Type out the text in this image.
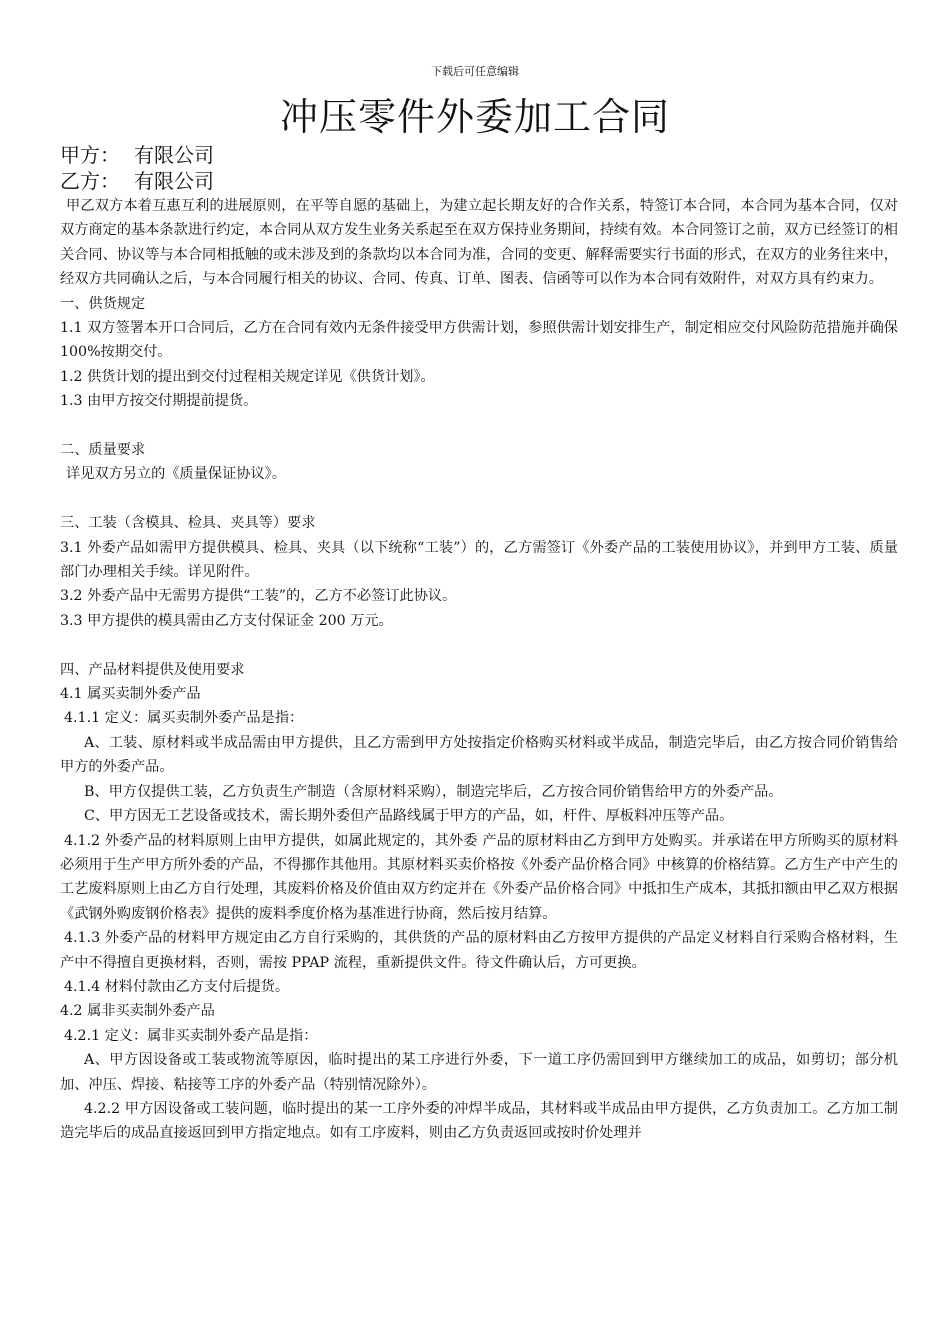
下载后可任意编辑
冲压零件外委加工合同
甲方： 有限公司
乙方： 有限公司

甲乙双方本着互惠互利的进展原则，在平等自愿的基础上，为建立起长期友好的合作关系，特签订本合同，本合同为基本合同，仅对双方商定的基本条款进行约定，本合同从双方发生业务关系起至在双方保持业务期间，持续有效。本合同签订之前，双方已经签订的相关合同、协议等与本合同相抵触的或未涉及到的条款均以本合同为准，合同的变更、解释需要实行书面的形式，在双方的业务往来中，经双方共同确认之后，与本合同履行相关的协议、合同、传真、订单、图表、信函等可以作为本合同有效附件，对双方具有约束力。

一、供货规定

1.1 双方签署本开口合同后，乙方在合同有效内无条件接受甲方供需计划，参照供需计划安排生产，制定相应交付风险防范措施并确保 100%按期交付。

1.2 供货计划的提出到交付过程相关规定详见《供货计划》。

1.3 由甲方按交付期提前提货。

二、质量要求

详见双方另立的《质量保证协议》。

三、工装（含模具、检具、夹具等）要求

3.1 外委产品如需甲方提供模具、检具、夹具（以下统称“工装”）的，乙方需签订《外委产品的工装使用协议》，并到甲方工装、质量部门办理相关手续。详见附件。

3.2 外委产品中无需男方提供“工装”的，乙方不必签订此协议。

3.3 甲方提供的模具需由乙方支付保证金 200 万元。

四、产品材料提供及使用要求

4.1 属买卖制外委产品

4.1.1 定义：属买卖制外委产品是指：

A、工装、原材料或半成品需由甲方提供，且乙方需到甲方处按指定价格购买材料或半成品，制造完毕后，由乙方按合同价销售给甲方的外委产品。

B、甲方仅提供工装，乙方负责生产制造（含原材料采购），制造完毕后，乙方按合同价销售给甲方的外委产品。

C、甲方因无工艺设备或技术，需长期外委但产品路线属于甲方的产品，如，杆件、厚板料冲压等产品。

4.1.2 外委产品的材料原则上由甲方提供，如属此规定的，其外委 产品的原材料由乙方到甲方处购买。并承诺在甲方所购买的原材料必须用于生产甲方所外委的产品，不得挪作其他用。其原材料买卖价格按《外委产品价格合同》中核算的价格结算。乙方生产中产生的工艺废料原则上由乙方自行处理，其废料价格及价值由双方约定并在《外委产品价格合同》中抵扣生产成本，其抵扣额由甲乙双方根据《武钢外购废钢价格表》提供的废料季度价格为基准进行协商，然后按月结算。

4.1.3 外委产品的材料甲方规定由乙方自行采购的，其供货的产品的原材料由乙方按甲方提供的产品定义材料自行采购合格材料，生产中不得擅自更换材料，否则，需按 PPAP 流程，重新提供文件。待文件确认后，方可更换。

4.1.4 材料付款由乙方支付后提货。

4.2 属非买卖制外委产品

4.2.1 定义：属非买卖制外委产品是指：

A、甲方因设备或工装或物流等原因，临时提出的某工序进行外委，下一道工序仍需回到甲方继续加工的成品，如剪切；部分机加、冲压、焊接、粘接等工序的外委产品（特别情况除外）。

4.2.2 甲方因设备或工装问题，临时提出的某一工序外委的冲焊半成品，其材料或半成品由甲方提供，乙方负责加工。乙方加工制造完毕后的成品直接返回到甲方指定地点。如有工序废料，则由乙方负责返回或按时价处理并
